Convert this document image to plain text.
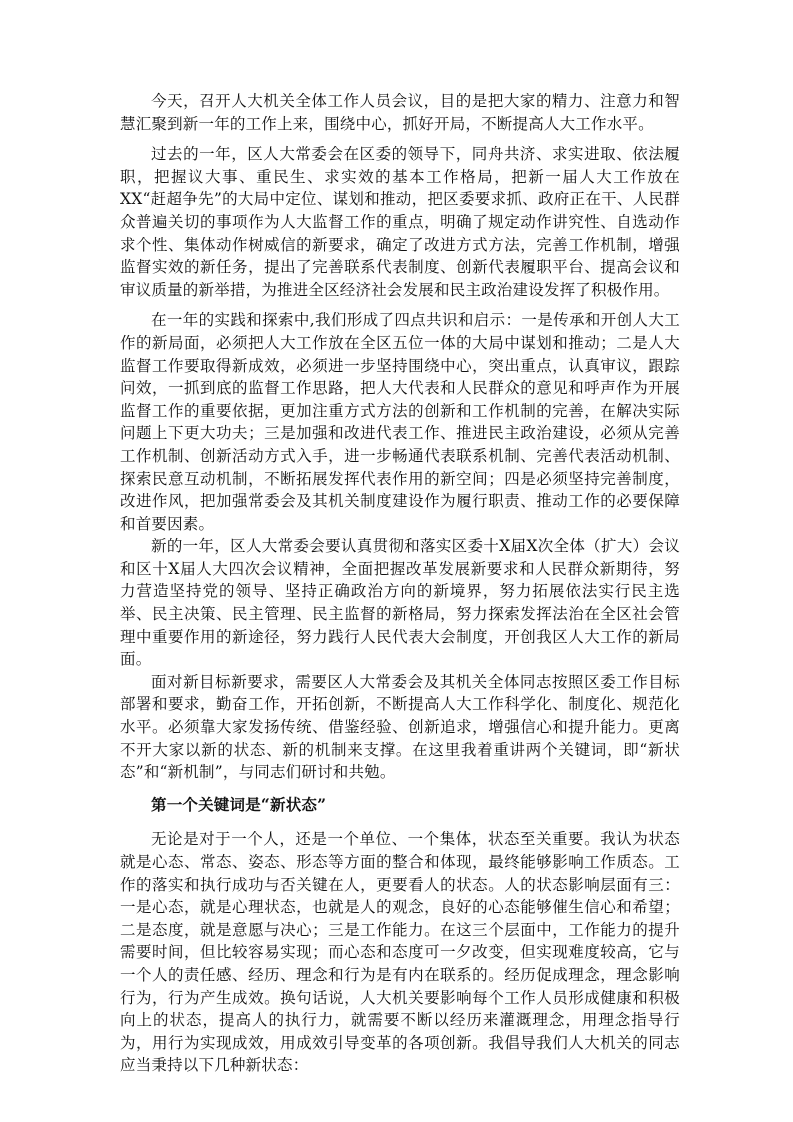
今天，召开人大机关全体工作人员会议，目的是把大家的精力、注意力和智慧汇聚到新一年的工作上来，围绕中心，抓好开局，不断提高人大工作水平。

过去的一年，区人大常委会在区委的领导下，同舟共济、求实进取、依法履职，把握议大事、重民生、求实效的基本工作格局，把新一届人大工作放在XX“赶超争先”的大局中定位、谋划和推动，把区委要求抓、政府正在干、人民群众普遍关切的事项作为人大监督工作的重点，明确了规定动作讲究性、自选动作求个性、集体动作树威信的新要求，确定了改进方式方法，完善工作机制，增强监督实效的新任务，提出了完善联系代表制度、创新代表履职平台、提高会议和审议质量的新举措，为推进全区经济社会发展和民主政治建设发挥了积极作用。

在一年的实践和探索中,我们形成了四点共识和启示：一是传承和开创人大工作的新局面，必须把人大工作放在全区五位一体的大局中谋划和推动；二是人大监督工作要取得新成效，必须进一步坚持围绕中心，突出重点，认真审议，跟踪问效，一抓到底的监督工作思路，把人大代表和人民群众的意见和呼声作为开展监督工作的重要依据，更加注重方式方法的创新和工作机制的完善，在解决实际问题上下更大功夫；三是加强和改进代表工作、推进民主政治建设，必须从完善工作机制、创新活动方式入手，进一步畅通代表联系机制、完善代表活动机制、探索民意互动机制，不断拓展发挥代表作用的新空间；四是必须坚持完善制度，改进作风，把加强常委会及其机关制度建设作为履行职责、推动工作的必要保障和首要因素。

新的一年，区人大常委会要认真贯彻和落实区委十X届X次全体（扩大）会议和区十X届人大四次会议精神，全面把握改革发展新要求和人民群众新期待，努力营造坚持党的领导、坚持正确政治方向的新境界，努力拓展依法实行民主选举、民主决策、民主管理、民主监督的新格局，努力探索发挥法治在全区社会管理中重要作用的新途径，努力践行人民代表大会制度，开创我区人大工作的新局面。

面对新目标新要求，需要区人大常委会及其机关全体同志按照区委工作目标部署和要求，勤奋工作，开拓创新，不断提高人大工作科学化、制度化、规范化水平。必须靠大家发扬传统、借鉴经验、创新追求，增强信心和提升能力。更离不开大家以新的状态、新的机制来支撑。在这里我着重讲两个关键词，即“新状态”和“新机制”，与同志们研讨和共勉。

第一个关键词是“新状态”

无论是对于一个人，还是一个单位、一个集体，状态至关重要。我认为状态就是心态、常态、姿态、形态等方面的整合和体现，最终能够影响工作质态。工作的落实和执行成功与否关键在人，更要看人的状态。人的状态影响层面有三：一是心态，就是心理状态，也就是人的观念，良好的心态能够催生信心和希望；二是态度，就是意愿与决心；三是工作能力。在这三个层面中，工作能力的提升需要时间，但比较容易实现；而心态和态度可一夕改变，但实现难度较高，它与一个人的责任感、经历、理念和行为是有内在联系的。经历促成理念，理念影响行为，行为产生成效。换句话说，人大机关要影响每个工作人员形成健康和积极向上的状态，提高人的执行力，就需要不断以经历来灌溉理念，用理念指导行为，用行为实现成效，用成效引导变革的各项创新。我倡导我们人大机关的同志应当秉持以下几种新状态：
